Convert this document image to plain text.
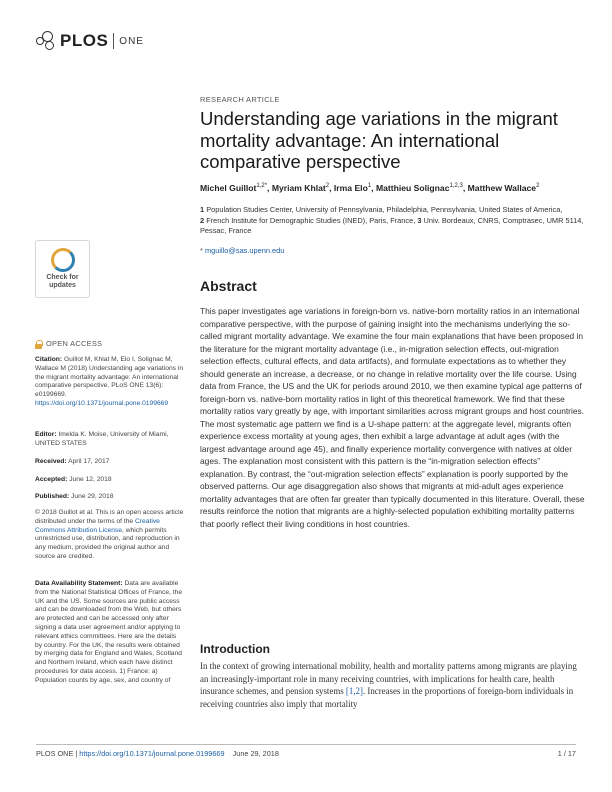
PLOS ONE
RESEARCH ARTICLE
Understanding age variations in the migrant mortality advantage: An international comparative perspective
Michel Guillot$^{1,2*}$, Myriam Khlat$^2$, Irma Elo$^1$, Matthieu Solignac$^{1,2,3}$, Matthew Wallace$^2$
1 Population Studies Center, University of Pennsylvania, Philadelphia, Pennsylvania, United States of America, 2 French Institute for Demographic Studies (INED), Paris, France, 3 Univ. Bordeaux, CNRS, Comptrasec, UMR 5114, Pessac, France
* mguillo@sas.upenn.edu
Check for
updates	Abstract

This paper investigates age variations in foreign-born vs. native-born mortality ratios in an international comparative perspective, with the purpose of gaining insight into the mechanisms underlying the so-called migrant mortality advantage. We examine the four main explanations that have been proposed in the literature for the migrant mortality advantage (i.e., in-migration selection effects, out-migration selection effects, cultural effects, and data artifacts), and formulate expectations as to whether they should generate an increase, a decrease, or no change in relative mortality over the life course. Using data from France, the US and the UK for periods around 2010, we then examine typical age patterns of foreign-born vs. native-born mortality ratios in light of this theoretical framework. We find that these mortality ratios vary greatly by age, with important similarities across migrant groups and host countries. The most systematic age pattern we find is a U-shape pattern: at the aggregate level, migrants often experience excess mortality at young ages, then exhibit a large advantage at adult ages (with the largest advantage around age 45), and finally experience mortality convergence with natives at older ages. The explanation most consistent with this pattern is the “in-migration selection effects” explanation. By contrast, the “out-migration selection effects” explanation is poorly supported by the observed patterns. Our age disaggregation also shows that migrants at mid-adult ages experience mortality advantages that are often far greater than typically documented in this literature. Overall, these results reinforce the notion that migrants are a highly-selected population exhibiting mortality patterns that poorly reflect their living conditions in host countries.

OPEN ACCESS
Citation: Guillot M, Khlat M, Elo I, Solignac M, Wallace M (2018) Understanding age variations in the migrant mortality advantage: An international comparative perspective. PLoS ONE 13(6): e0199669. https://doi.org/10.1371/journal.pone.0199669
Editor: Imelda K. Moise, University of Miami, UNITED STATES
Received: April 17, 2017
Accepted: June 12, 2018
Published: June 29, 2018
© 2018 Guillot et al. This is an open access article distributed under the terms of the Creative Commons Attribution License, which permits unrestricted use, distribution, and reproduction in any medium, provided the original author and source are credited.
Data Availability Statement: Data are available from the National Statistical Offices of France, the UK and the US. Some sources are public access and can be downloaded from the Web, but others are protected and can be accessed only after signing a data user agreement and/or applying to relevant ethics committees. Here are the details by country. For the UK, the results were obtained by merging data for England and Wales, Scotland and Northern Ireland, which each have distinct procedures for data access. 1) France: a) Population counts by age, sex, and country of
Introduction

In the context of growing international mobility, health and mortality patterns among migrants are playing an increasingly-important role in many receiving countries, with implications for health care, health insurance schemes, and pension systems [1,2]. Increases in the proportions of foreign-born individuals in receiving countries also imply that mortality

PLOS ONE | https://doi.org/10.1371/journal.pone.0199669 June 29, 2018	1 / 17
